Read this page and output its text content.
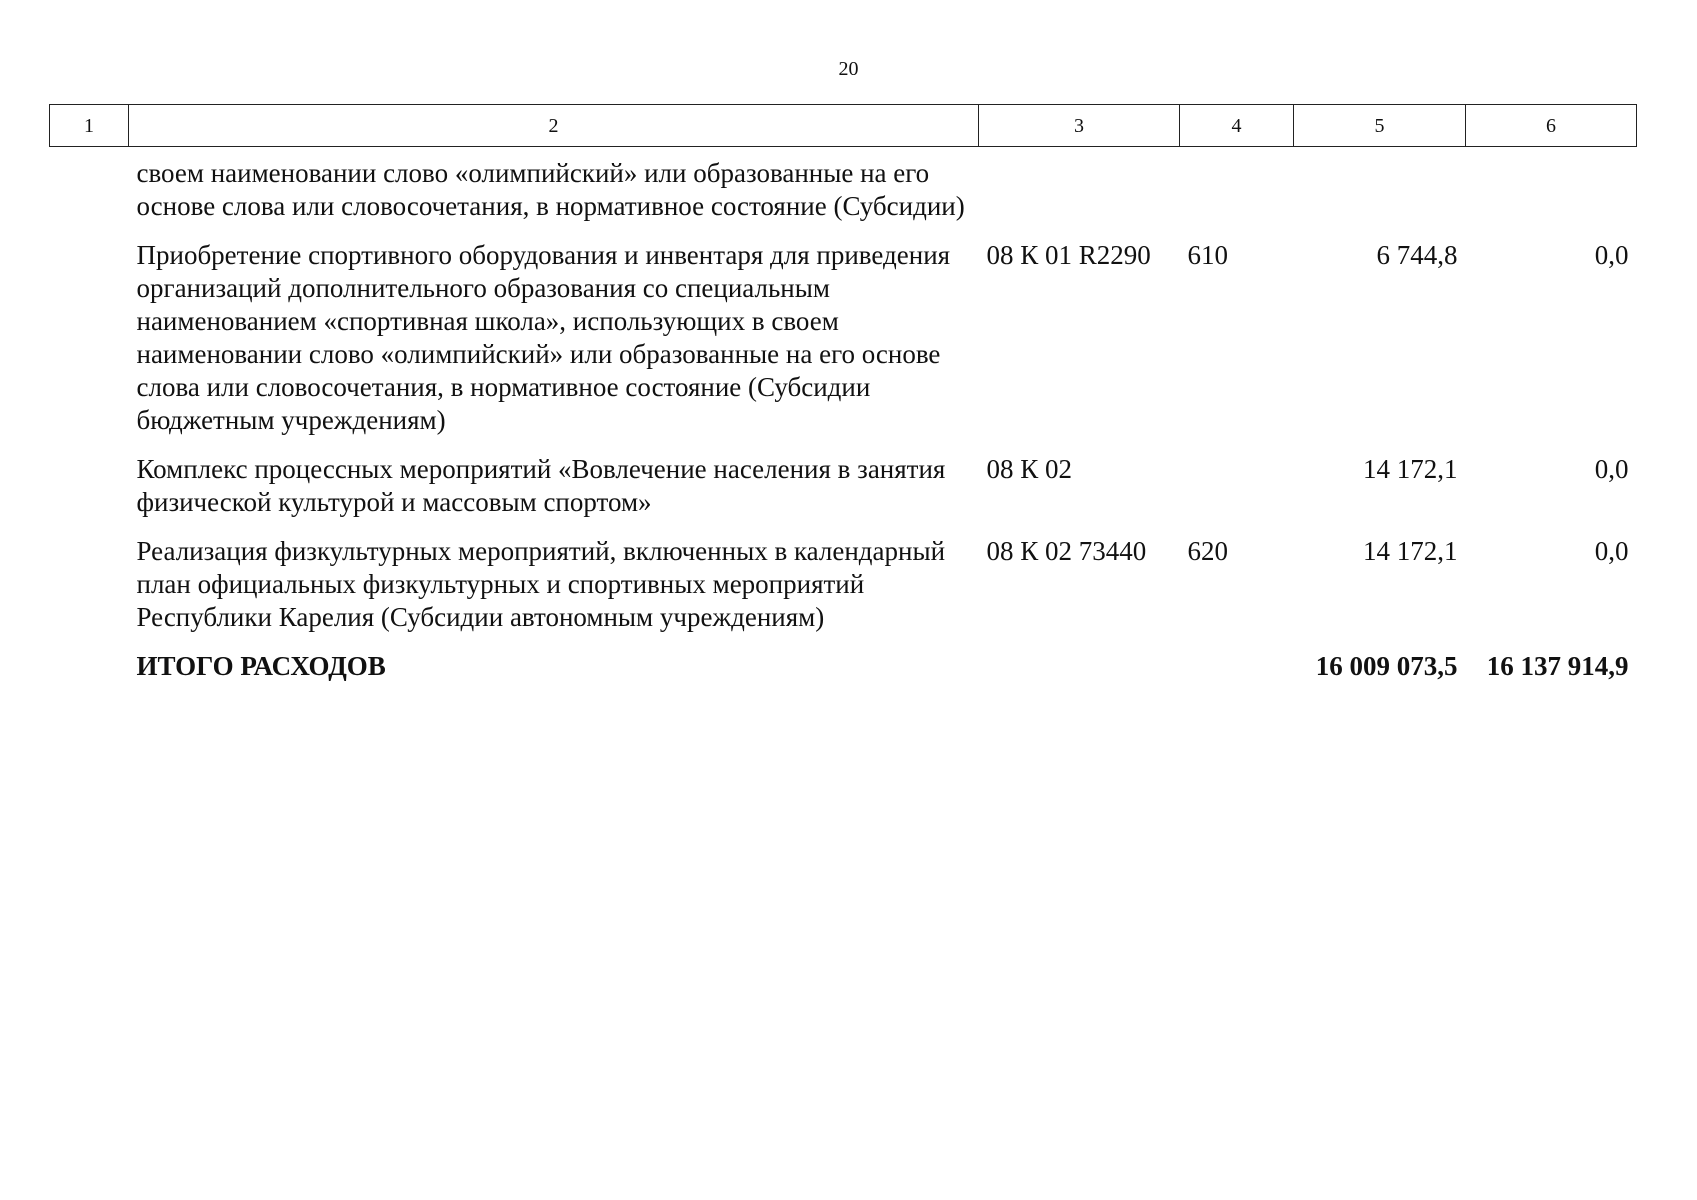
20
1	2	3	4	5	6
	своем наименовании слово «олимпийский» или образованные на его основе слова или словосочетания, в нормативное состояние (Субсидии)				
	Приобретение спортивного оборудования и инвентаря для приведения организаций дополнительного образования со специальным наименованием «спортивная школа», использующих в своем наименовании слово «олимпийский» или образованные на его основе слова или словосочетания, в нормативное состояние (Субсидии бюджетным учреждениям)	08 К 01 R2290	610	6 744,8	0,0
	Комплекс процессных мероприятий «Вовлечение населения в занятия физической культурой и массовым спортом»	08 К 02		14 172,1	0,0
	Реализация физкультурных мероприятий, включенных в календарный план официальных физкультурных и спортивных мероприятий Республики Карелия (Субсидии автономным учреждениям)	08 К 02 73440	620	14 172,1	0,0
	ИТОГО РАСХОДОВ			16 009 073,5	16 137 914,9
